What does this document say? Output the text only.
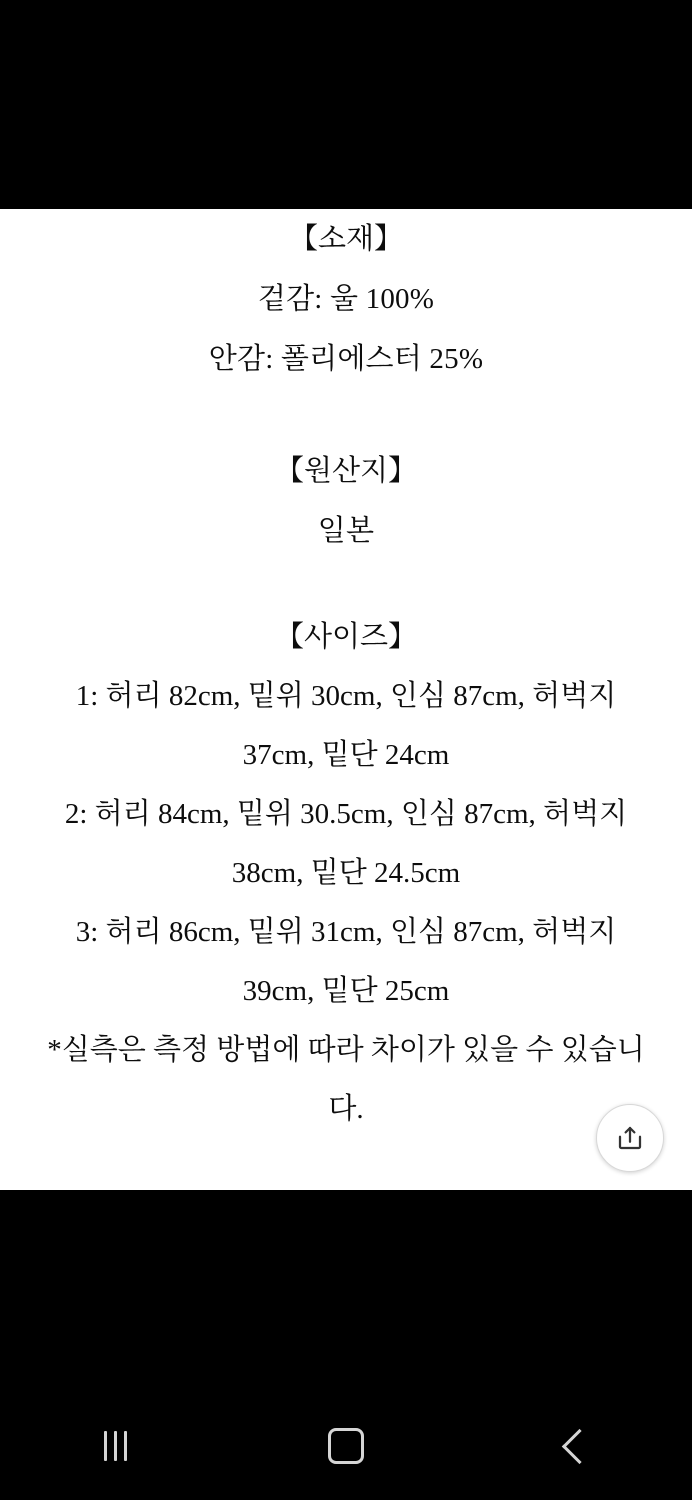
【소재】
겉감: 울 100%
안감: 폴리에스터 25%
【원산지】
일본
【사이즈】
1: 허리 82cm, 밑위 30cm, 인심 87cm, 허벅지 37cm, 밑단 24cm
2: 허리 84cm, 밑위 30.5cm, 인심 87cm, 허벅지 38cm, 밑단 24.5cm
3: 허리 86cm, 밑위 31cm, 인심 87cm, 허벅지 39cm, 밑단 25cm
*실측은 측정 방법에 따라 차이가 있을 수 있습니다.
